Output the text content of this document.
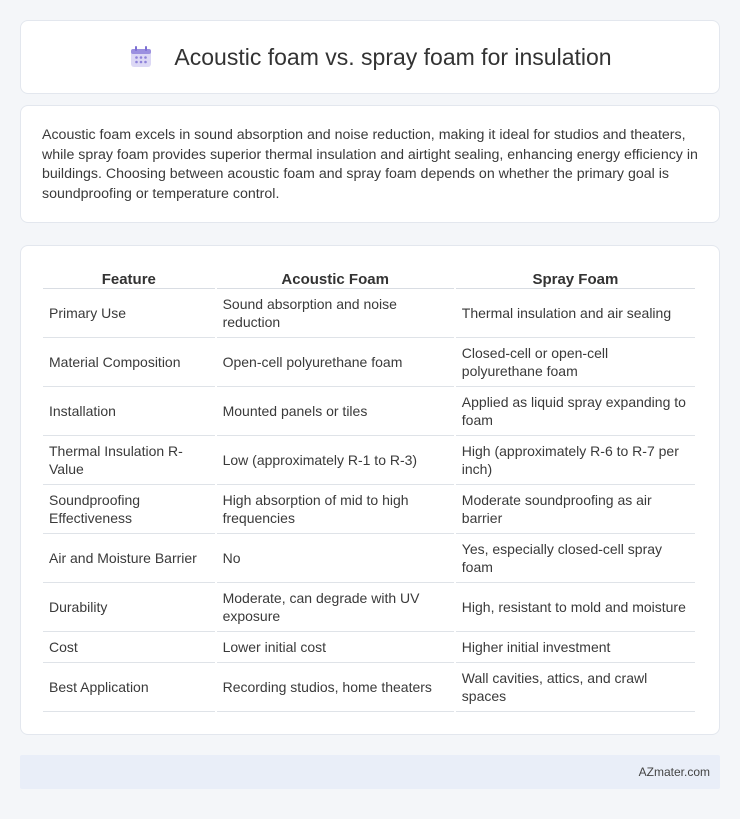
Acoustic foam vs. spray foam for insulation

Acoustic foam excels in sound absorption and noise reduction, making it ideal for studios and theaters, while spray foam provides superior thermal insulation and airtight sealing, enhancing energy efficiency in buildings. Choosing between acoustic foam and spray foam depends on whether the primary goal is soundproofing or temperature control.

Feature	Acoustic Foam	Spray Foam
Primary Use	Sound absorption and noise reduction	Thermal insulation and air sealing
Material Composition	Open-cell polyurethane foam	Closed-cell or open-cell polyurethane foam
Installation	Mounted panels or tiles	Applied as liquid spray expanding to foam
Thermal Insulation R-Value	Low (approximately R-1 to R-3)	High (approximately R-6 to R-7 per inch)
Soundproofing Effectiveness	High absorption of mid to high frequencies	Moderate soundproofing as air barrier
Air and Moisture Barrier	No	Yes, especially closed-cell spray foam
Durability	Moderate, can degrade with UV exposure	High, resistant to mold and moisture
Cost	Lower initial cost	Higher initial investment
Best Application	Recording studios, home theaters	Wall cavities, attics, and crawl spaces
AZmater.com
